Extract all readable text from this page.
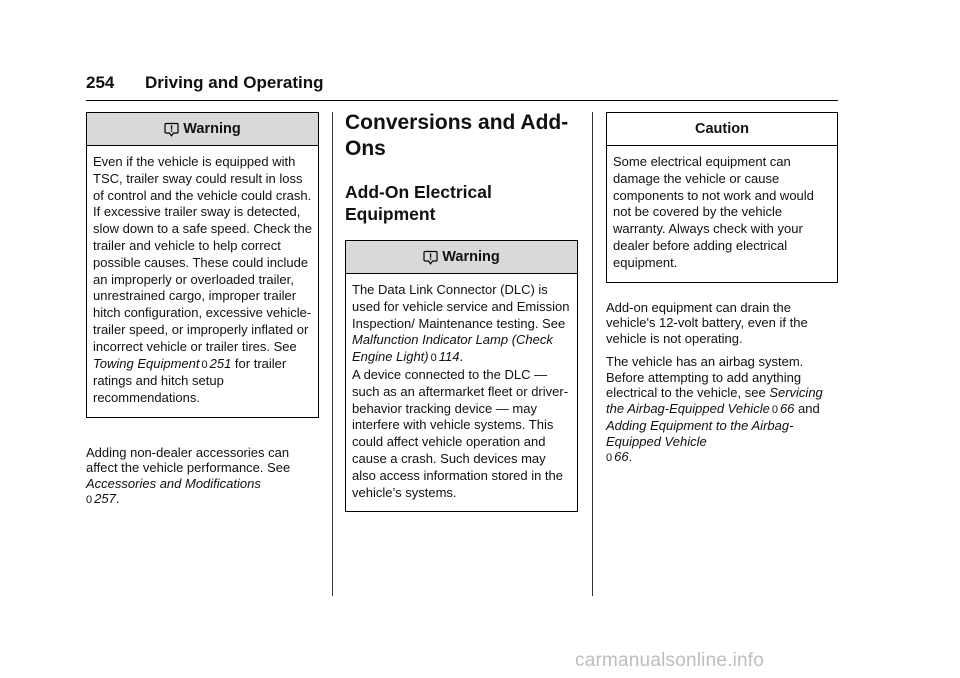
254 Driving and Operating
Warning

Even if the vehicle is equipped with TSC, trailer sway could result in loss of control and the vehicle could crash. If excessive trailer sway is detected, slow down to a safe speed. Check the trailer and vehicle to help correct possible causes. These could include an improperly or overloaded trailer, unrestrained cargo, improper trailer hitch configuration, excessive vehicle-trailer speed, or improperly inflated or incorrect vehicle or trailer tires. See Towing Equipment 0 251 for trailer ratings and hitch setup recommendations.

Adding non-dealer accessories can affect the vehicle performance. See Accessories and Modifications
0 257.

Conversions and Add-Ons
Add-On Electrical Equipment
Warning

The Data Link Connector (DLC) is used for vehicle service and Emission Inspection/ Maintenance testing. See Malfunction Indicator Lamp (Check Engine Light) 0 114.

A device connected to the DLC — such as an aftermarket fleet or driver-behavior tracking device — may interfere with vehicle systems. This could affect vehicle operation and cause a crash. Such devices may also access information stored in the vehicle’s systems.

Caution

Some electrical equipment can damage the vehicle or cause components to not work and would not be covered by the vehicle warranty. Always check with your dealer before adding electrical equipment.

Add-on equipment can drain the vehicle's 12-volt battery, even if the vehicle is not operating.

The vehicle has an airbag system. Before attempting to add anything electrical to the vehicle, see Servicing the Airbag-Equipped Vehicle 0 66 and Adding Equipment to the Airbag-Equipped Vehicle
0 66.

carmanualsonline.info
